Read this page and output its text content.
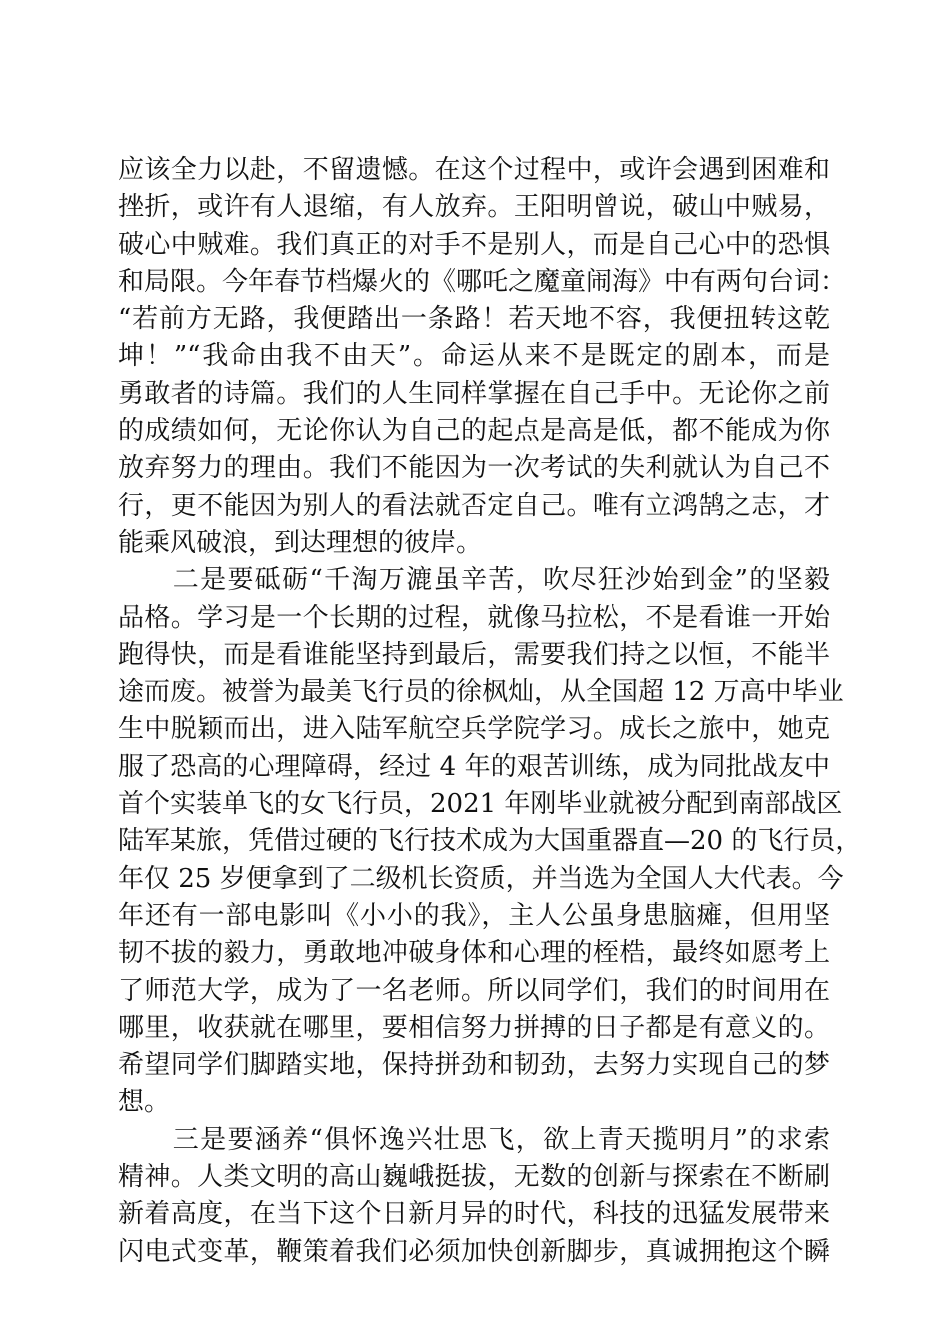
应该全力以赴，不留遗憾。在这个过程中，或许会遇到困难和
挫折，或许有人退缩，有人放弃。王阳明曾说，破山中贼易，
破心中贼难。我们真正的对手不是别人，而是自己心中的恐惧
和局限。今年春节档爆火的《哪吒之魔童闹海》中有两句台词：
“若前方无路，我便踏出一条路！若天地不容，我便扭转这乾
坤！”“我命由我不由天”。命运从来不是既定的剧本，而是
勇敢者的诗篇。我们的人生同样掌握在自己手中。无论你之前
的成绩如何，无论你认为自己的起点是高是低，都不能成为你
放弃努力的理由。我们不能因为一次考试的失利就认为自己不
行，更不能因为别人的看法就否定自己。唯有立鸿鹄之志，才
能乘风破浪，到达理想的彼岸。
　　二是要砥砺“千淘万漉虽辛苦，吹尽狂沙始到金”的坚毅
品格。学习是一个长期的过程，就像马拉松，不是看谁一开始
跑得快，而是看谁能坚持到最后，需要我们持之以恒，不能半
途而废。被誉为最美飞行员的徐枫灿，从全国超 12 万高中毕业
生中脱颖而出，进入陆军航空兵学院学习。成长之旅中，她克
服了恐高的心理障碍，经过 4 年的艰苦训练，成为同批战友中
首个实装单飞的女飞行员，2021 年刚毕业就被分配到南部战区
陆军某旅，凭借过硬的飞行技术成为大国重器直—20 的飞行员，
年仅 25 岁便拿到了二级机长资质，并当选为全国人大代表。今
年还有一部电影叫《小小的我》，主人公虽身患脑瘫，但用坚
韧不拔的毅力，勇敢地冲破身体和心理的桎梏，最终如愿考上
了师范大学，成为了一名老师。所以同学们，我们的时间用在
哪里，收获就在哪里，要相信努力拼搏的日子都是有意义的。
希望同学们脚踏实地，保持拼劲和韧劲，去努力实现自己的梦
想。
　　三是要涵养“俱怀逸兴壮思飞，欲上青天揽明月”的求索
精神。人类文明的高山巍峨挺拔，无数的创新与探索在不断刷
新着高度，在当下这个日新月异的时代，科技的迅猛发展带来
闪电式变革，鞭策着我们必须加快创新脚步，真诚拥抱这个瞬
